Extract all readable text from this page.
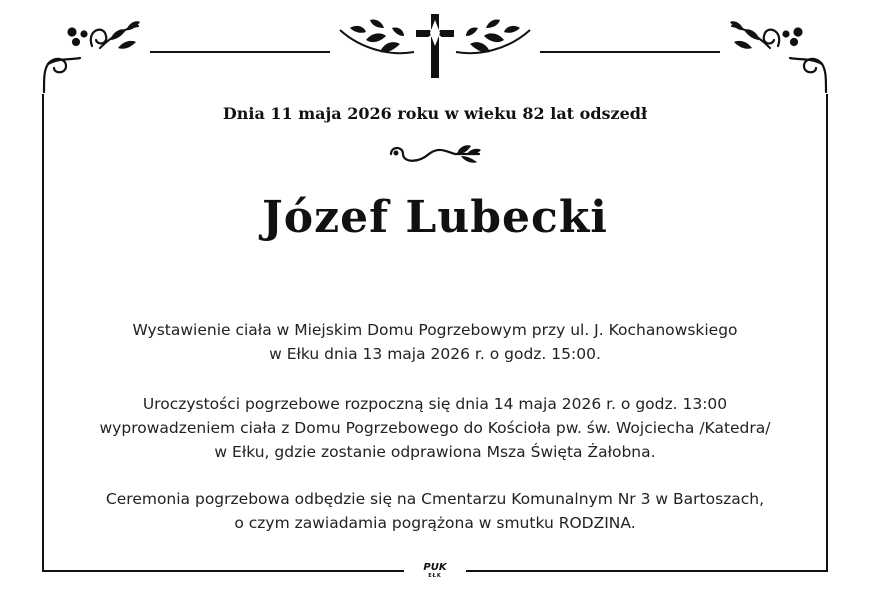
PUK
EŁK
Dnia 11 maja 2026 roku w wieku 82 lat odszedł
Józef Lubecki
Wystawienie ciała w Miejskim Domu Pogrzebowym przy ul. J. Kochanowskiego
w Ełku dnia 13 maja 2026 r. o godz. 15:00.
Uroczystości pogrzebowe rozpoczną się dnia 14 maja 2026 r. o godz. 13:00
wyprowadzeniem ciała z Domu Pogrzebowego do Kościoła pw. św. Wojciecha /Katedra/
w Ełku, gdzie zostanie odprawiona Msza Święta Żałobna.
Ceremonia pogrzebowa odbędzie się na Cmentarzu Komunalnym Nr 3 w Bartoszach,
o czym zawiadamia pogrążona w smutku RODZINA.
